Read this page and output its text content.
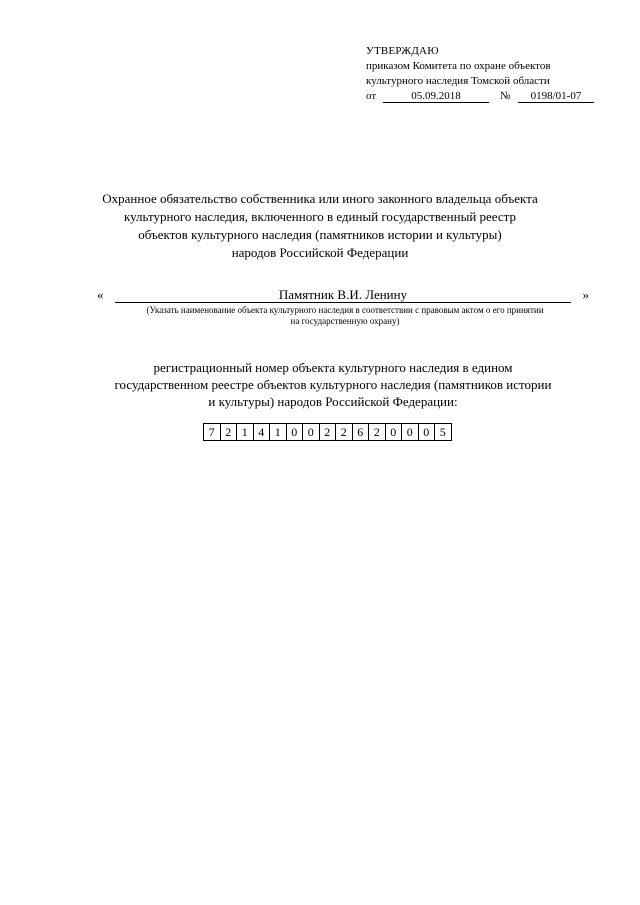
УТВЕРЖДАЮ
приказом Комитета по охране объектов
культурного наследия Томской области
от	05.09.2018	№	0198/01-07
Охранное обязательство собственника или иного законного владельца объекта
культурного наследия, включенного в единый государственный реестр
объектов культурного наследия (памятников истории и культуры)
народов Российской Федерации
«	Памятник В.И. Ленину	»
(Указать наименование объекта культурного наследия в соответствии с правовым актом о его принятии
на государственную охрану)
регистрационный номер объекта культурного наследия в едином
государственном реестре объектов культурного наследия (памятников истории
и культуры) народов Российской Федерации:
7 2 1 4 1 0 0 2 2 6 2 0 0 0 5
